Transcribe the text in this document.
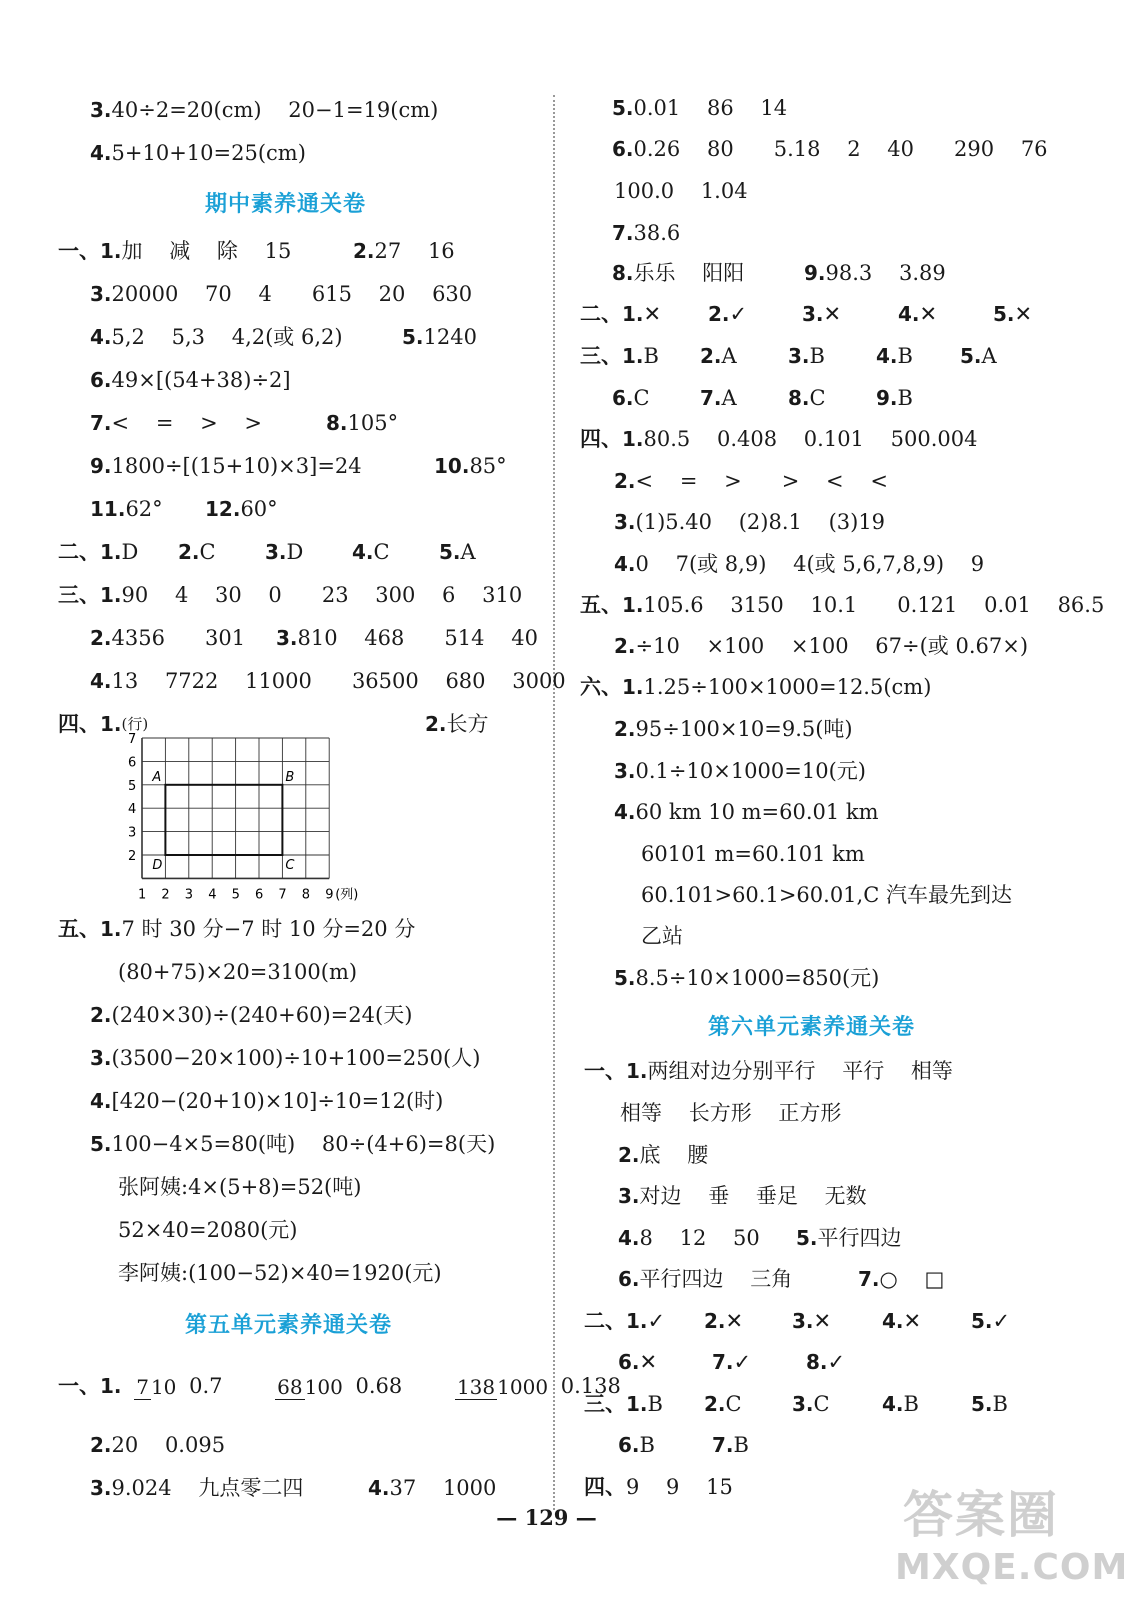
3.40÷2=20(cm)    20−1=19(cm)
4.5+10+10=25(cm)
期中素养通关卷
一、1.加    减    除    15	2.27    16
3.20000    70    4      615    20    630
4.5,2    5,3    4,2(或 6,2)	5.1240
6.49×[(54+38)÷2]
7.<    =    >    >	8.105°
9.1800÷[(15+10)×3]=24	10.85°
11.62° 12.60°
二、1.D 2.C 3.D 4.C 5.A
三、1.90    4    30    0      23    300    6    310
2.4356      301 3.810    468      514    40
4.13    7722    11000      36500    680    3000
四、1.(行)	2.长方
A	B
C
D
2
3
4
5
6
7
1 2 3 4 5 6 7 8 9 (列)
五、1.7 时 30 分−7 时 10 分=20 分
(80+75)×20=3100(m)
2.(240×30)÷(240+60)=24(天)
3.(3500−20×100)÷10+100=250(人)
4.[420−(20+10)×10]÷10=12(时)
5.100−4×5=80(吨)    80÷(4+6)=8(天)
张阿姨:4×(5+8)=52(吨)
52×40=2080(元)
李阿姨:(100−52)×40=1920(元)
第五单元素养通关卷
一、1. 7 10 0.7	68 100 0.68	138 1000 0.138
2.20    0.095
3.9.024    九点零二四	4.37    1000
5.0.01    86    14
6.0.26    80      5.18    2    40      290    76
100.0    1.04
7.38.6
8.乐乐    阳阳	9.98.3    3.89
二、1.✕ 2.✓	3.✕	4.✕	5.✕
三、1.B 2.A	3.B	4.B 5.A
6.C	7.A	8.C	9.B
四、1.80.5    0.408    0.101    500.004
2.<    =    >      >    <    <
3.(1)5.40    (2)8.1    (3)19
4.0    7(或 8,9)    4(或 5,6,7,8,9)    9
五、1.105.6    3150    10.1      0.121    0.01    86.5
2.÷10    ×100    ×100    67÷(或 0.67×)
六、1.1.25÷100×1000=12.5(cm)
2.95÷100×10=9.5(吨)
3.0.1÷10×1000=10(元)
4.60 km 10 m=60.01 km
60101 m=60.101 km
60.101>60.1>60.01,C 汽车最先到达
乙站
5.8.5÷10×1000=850(元)
第六单元素养通关卷
一、1.两组对边分别平行    平行    相等
相等    长方形    正方形
2.底    腰
3.对边    垂    垂足    无数
4.8    12    50 5.平行四边
6.平行四边    三角	7.○    □
二、1.✓ 2.✕ 3.✕	4.✕ 5.✓
6.✕	7.✓	8.✓
三、1.B 2.C	3.C	4.B	5.B
6.B	7.B
四、9    9    15
— 129 —	答案圈
MXQE.COM
